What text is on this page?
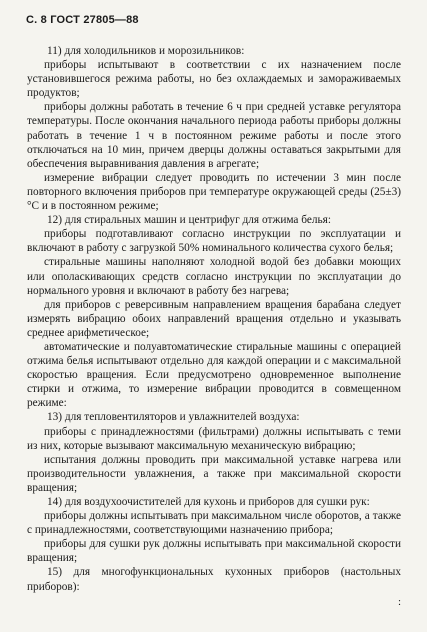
С. 8 ГОСТ 27805—88

11) для холодильников и морозильников:

приборы испытывают в соответствии с их назначением после установившегося режима работы, но без охлаждаемых и замораживаемых продуктов;

приборы должны работать в течение 6 ч при средней уставке регулятора температуры. После окончания начального периода работы приборы должны работать в течение 1 ч в постоянном режиме работы и после этого отключаться на 10 мин, причем дверцы должны оставаться закрытыми для обеспечения выравнивания давления в агрегате;

измерение вибрации следует проводить по истечении 3 мин после повторного включения приборов при температуре окружающей среды (25±3)°С и в постоянном режиме;

12) для стиральных машин и центрифуг для отжима белья:

приборы подготавливают согласно инструкции по эксплуатации и включают в работу с загрузкой 50% номинального количества сухого белья;

стиральные машины наполняют холодной водой без добавки моющих или ополаскивающих средств согласно инструкции по эксплуатации до нормального уровня и включают в работу без нагрева;

для приборов с реверсивным направлением вращения барабана следует измерять вибрацию обоих направлений вращения отдельно и указывать среднее арифметическое;

автоматические и полуавтоматические стиральные машины с операцией отжима белья испытывают отдельно для каждой операции и с максимальной скоростью вращения. Если предусмотрено одновременное выполнение стирки и отжима, то измерение вибрации проводится в совмещенном режиме:

13) для тепловентиляторов и увлажнителей воздуха:

приборы с принадлежностями (фильтрами) должны испытывать с теми из них, которые вызывают максимальную механическую вибрацию;

испытания должны проводить при максимальной уставке нагрева или производительности увлажнения, а также при максимальной скорости вращения;

14) для воздухоочистителей для кухонь и приборов для сушки рук:

приборы должны испытывать при максимальном числе оборотов, а также с принадлежностями, соответствующими назначению прибора;

приборы для сушки рук должны испытывать при максимальной скорости вращения;

15) для многофункциональных кухонных приборов (настольных приборов):

:
